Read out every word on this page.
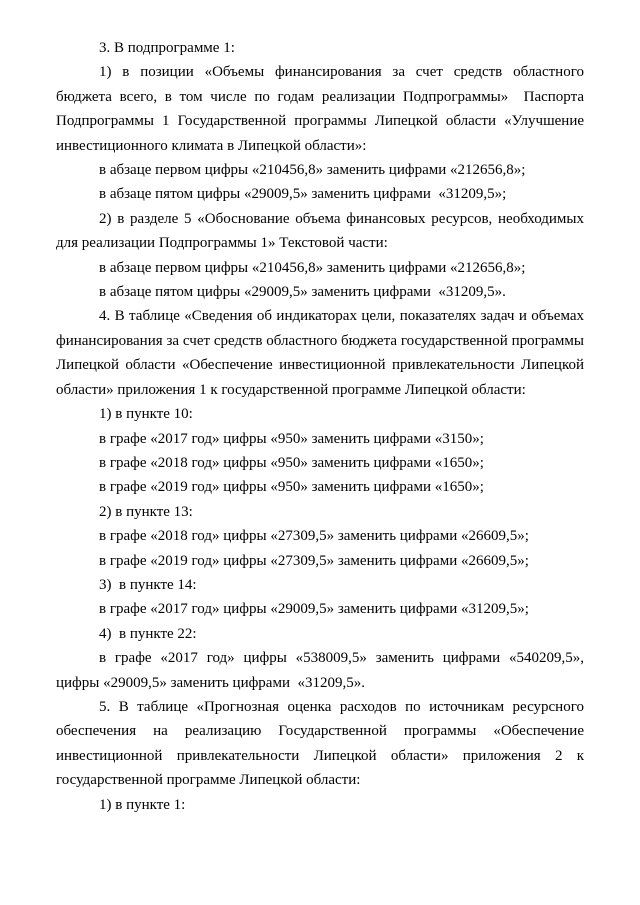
3. В подпрограмме 1:

1) в позиции «Объемы финансирования за счет средств областного бюджета всего, в том числе по годам реализации Подпрограммы»  Паспорта Подпрограммы 1 Государственной программы Липецкой области «Улучшение инвестиционного климата в Липецкой области»:

в абзаце первом цифры «210456,8» заменить цифрами «212656,8»;

в абзаце пятом цифры «29009,5» заменить цифрами  «31209,5»;

2) в разделе 5 «Обоснование объема финансовых ресурсов, необходимых для реализации Подпрограммы 1» Текстовой части:

в абзаце первом цифры «210456,8» заменить цифрами «212656,8»;

в абзаце пятом цифры «29009,5» заменить цифрами  «31209,5».

4. В таблице «Сведения об индикаторах цели, показателях задач и объемах финансирования за счет средств областного бюджета государственной программы Липецкой области «Обеспечение инвестиционной привлекательности Липецкой области» приложения 1 к государственной программе Липецкой области:

1) в пункте 10:

в графе «2017 год» цифры «950» заменить цифрами «3150»;

в графе «2018 год» цифры «950» заменить цифрами «1650»;

в графе «2019 год» цифры «950» заменить цифрами «1650»;

2) в пункте 13:

в графе «2018 год» цифры «27309,5» заменить цифрами «26609,5»;

в графе «2019 год» цифры «27309,5» заменить цифрами «26609,5»;

3)  в пункте 14:

в графе «2017 год» цифры «29009,5» заменить цифрами «31209,5»;

4)  в пункте 22:

в графе «2017 год» цифры «538009,5» заменить цифрами «540209,5», цифры «29009,5» заменить цифрами  «31209,5».

5. В таблице «Прогнозная оценка расходов по источникам ресурсного обеспечения на реализацию Государственной программы «Обеспечение инвестиционной привлекательности Липецкой области» приложения 2 к государственной программе Липецкой области:

1) в пункте 1:
